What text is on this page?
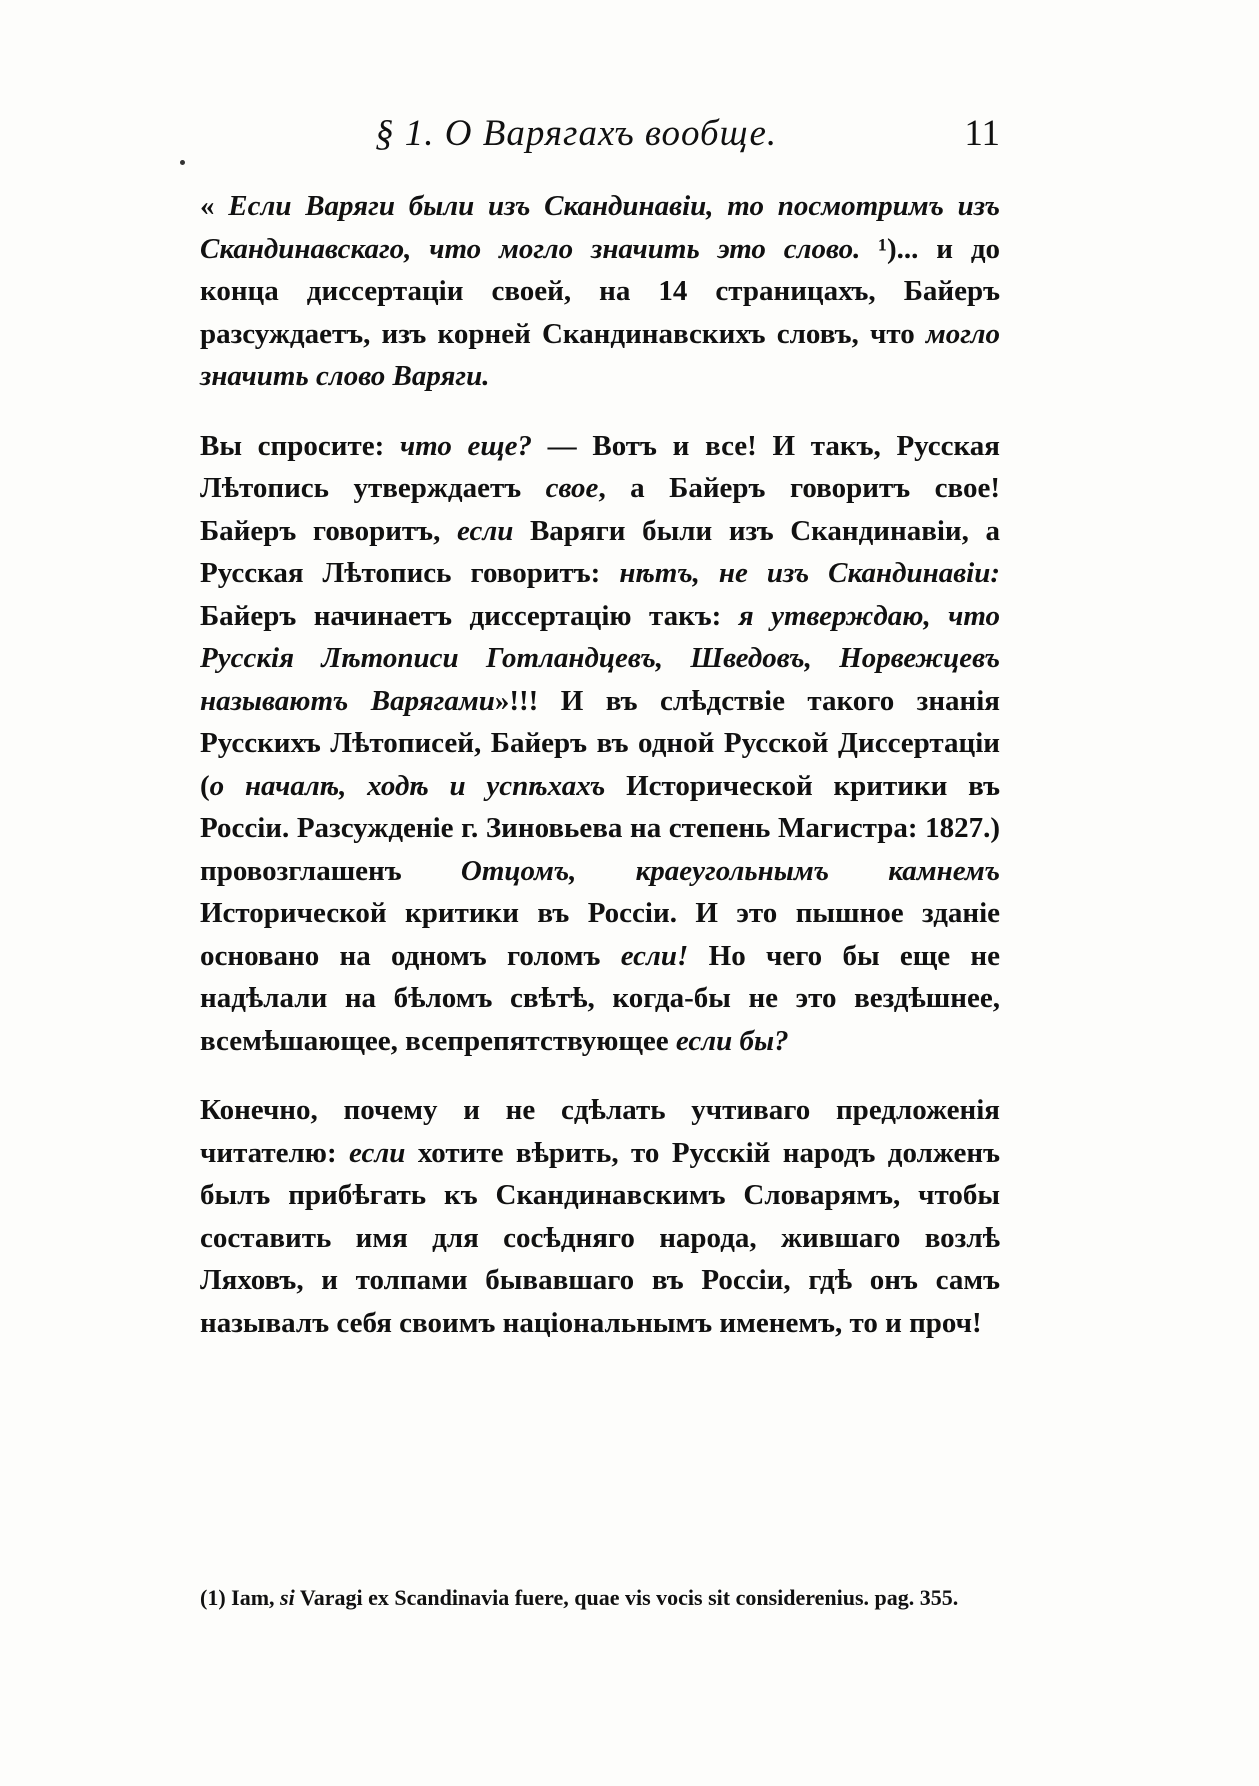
§ 1. О Варягахъ вообще.	11

« Если Варяги были изъ Скандинавіи, то посмотримъ изъ Скандинавскаго, что могло значить это слово. ¹)... и до конца диссертаціи своей, на 14 страницахъ, Байеръ разсуждаетъ, изъ корней Скандинавскихъ словъ, что могло значить слово Варяги.

Вы спросите: что еще? — Вотъ и все! И такъ, Русская Лѣтопись утверждаетъ свое, а Байеръ говоритъ свое! Байеръ говоритъ, если Варяги были изъ Скандинавіи, а Русская Лѣтопись говоритъ: нѣтъ, не изъ Скандинавіи: Байеръ начинаетъ диссертацію такъ: я утверждаю, что Русскія Лѣтописи Готландцевъ, Шведовъ, Норвежцевъ называютъ Варягами»!!! И въ слѣдствіе такого знанія Русскихъ Лѣтописей, Байеръ въ одной Русской Диссертаціи (о началѣ, ходѣ и успѣхахъ Исторической критики въ Россіи. Разсужденіе г. Зиновьева на степень Магистра: 1827.) провозглашенъ Отцомъ, краеугольнымъ камнемъ Исторической критики въ Россіи. И это пышное зданіе основано на одномъ голомъ если! Но чего бы еще не надѣлали на бѣломъ свѣтѣ, когда-бы не это вездѣшнее, всемѣшающее, всепрепятствующее если бы?

Конечно, почему и не сдѣлать учтиваго предложенія читателю: если хотите вѣрить, то Русскій народъ долженъ былъ прибѣгать къ Скандинавскимъ Словарямъ, чтобы составить имя для сосѣдняго народа, жившаго возлѣ Ляховъ, и толпами бывавшаго въ Россіи, гдѣ онъ самъ называлъ себя своимъ національнымъ именемъ, то и проч!

(1) Iam, si Varagi ex Scandinavia fuere, quae vis vocis sit considerenius. pag. 355.
